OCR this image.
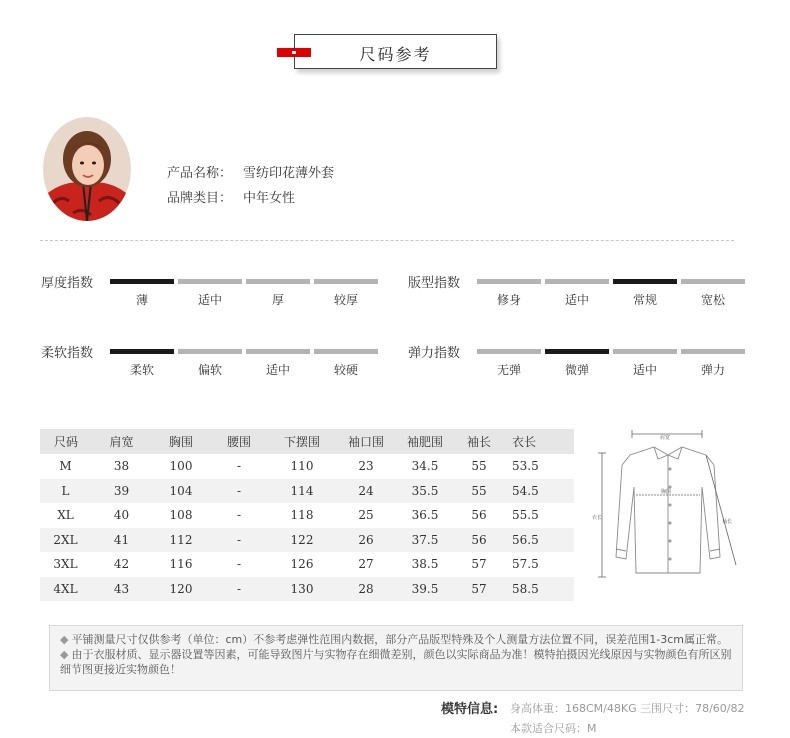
尺码参考
产品名称： 雪纺印花薄外套
品牌类目： 中年女性
厚度指数
薄	适中	厚	较厚
版型指数
修身	适中	常规	宽松
柔软指数
柔软	偏软	适中	较硬
弹力指数
无弹	微弹	适中	弹力
尺码	肩宽	胸围	腰围	下摆围	袖口围	袖肥围	袖长	衣长
M	38	100	-	110	23	34.5	55	53.5
L	39	104	-	114	24	35.5	55	54.5
XL	40	108	-	118	25	36.5	56	55.5
2XL	41	112	-	122	26	37.5	56	56.5
3XL	42	116	-	126	27	38.5	57	57.5
4XL	43	120	-	130	28	39.5	57	58.5
肩宽
胸围
衣长
袖长
◆ 平铺测量尺寸仅供参考（单位：cm）不参考虑弹性范围内数据，部分产品版型特殊及个人测量方法位置不同，误差范围1-3cm属正常。
◆ 由于衣服材质、显示器设置等因素，可能导致图片与实物存在细微差别，颜色以实际商品为准！模特拍摄因光线原因与实物颜色有所区别细节图更接近实物颜色！
模特信息: 身高体重：168CM/48KG 三围尺寸：78/60/82
本款适合尺码：M
